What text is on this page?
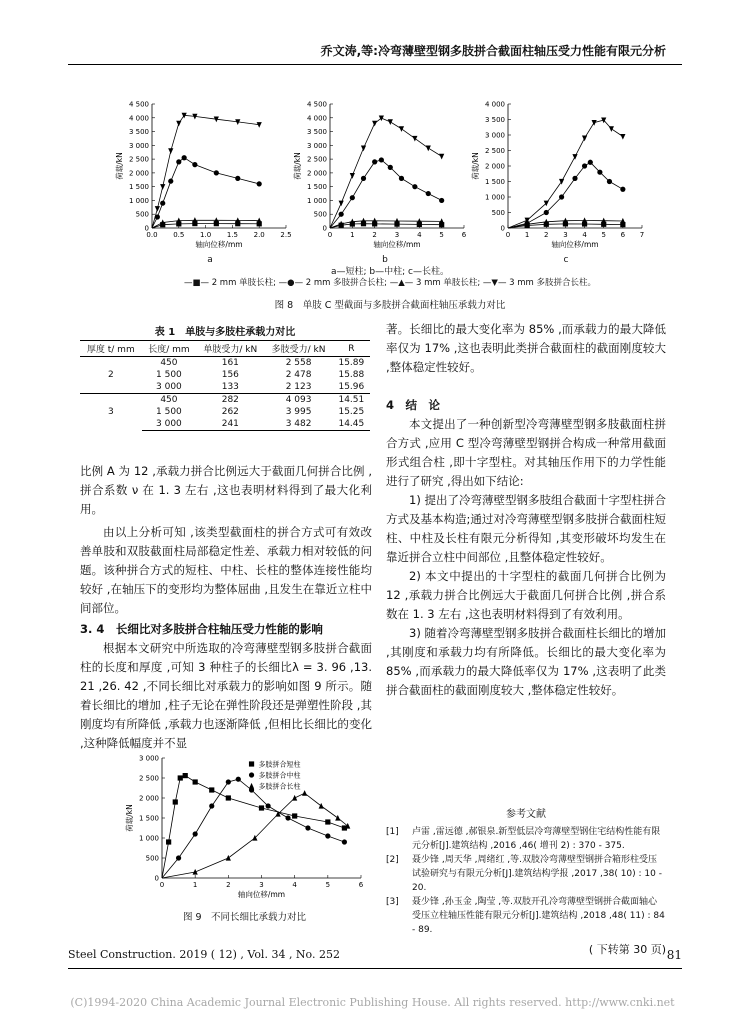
乔文涛,等:冷弯薄壁型钢多肢拼合截面柱轴压受力性能有限元分析
0
500
1 000
1 500
2 000
2 500
3 000
3 500
4 000
4 500
0.0 0.5 1.0 1.5 2.0 2.5
轴向位移/mm
荷载/kN
0
500
1 000
1 500
2 000
2 500
3 000
3 500
4 000
4 500
0	1	2	3	4	5	6
轴向位移/mm
荷载/kN
0
500
1 000
1 500
2 000
2 500
3 000
3 500
4 000
0 1 2 3 4 5 6 7
轴向位移/mm
荷载/kN
a	b	c
a—短柱; b—中柱; c—长柱。
—■— 2 mm 单肢长柱; —●— 2 mm 多肢拼合长柱; —▲— 3 mm 单肢长柱; —▼— 3 mm 多肢拼合长柱。
图 8　单肢 C 型截面与多肢拼合截面柱轴压承载力对比
表 1　单肢与多肢柱承载力对比
厚度 t/ mm	长度/ mm	单肢受力/ kN	多肢受力/ kN	R
2	450	161	2 558	15.89
	1 500	156	2 478	15.88
	3 000	133	2 123	15.96
3	450	282	4 093	14.51
	1 500	262	3 995	15.25
	3 000	241	3 482	14.45

比例 A 为 12 ,承载力拼合比例远大于截面几何拼合比例 ,拼合系数 ν 在 1. 3 左右 ,这也表明材料得到了最大化利用。

由以上分析可知 ,该类型截面柱的拼合方式可有效改善单肢和双肢截面柱局部稳定性差、承载力相对较低的问题。该种拼合方式的短柱、中柱、长柱的整体连接性能均较好 ,在轴压下的变形均为整体屈曲 ,且发生在靠近立柱中间部位。

3. 4　长细比对多肢拼合柱轴压受力性能的影响

根据本文研究中所选取的冷弯薄壁型钢多肢拼合截面柱的长度和厚度 ,可知 3 种柱子的长细比λ = 3. 96 ,13. 21 ,26. 42 ,不同长细比对承载力的影响如图 9 所示。随着长细比的增加 ,柱子无论在弹性阶段还是弹塑性阶段 ,其刚度均有所降低 ,承载力也逐渐降低 ,但相比长细比的变化 ,这种降低幅度并不显

0
500
1 000
1 500
2 000
2 500
3 000
0	1	2	3	4	5	6
轴向位移/mm
荷载/kN
多肢拼合短柱
多肢拼合中柱
多肢拼合长柱
图 9　不同长细比承载力对比

著。长细比的最大变化率为 85% ,而承载力的最大降低率仅为 17% ,这也表明此类拼合截面柱的截面刚度较大 ,整体稳定性较好。

4　结　论

本文提出了一种创新型冷弯薄壁型钢多肢截面柱拼合方式 ,应用 C 型冷弯薄壁型钢拼合构成一种常用截面形式组合柱 ,即十字型柱。对其轴压作用下的力学性能进行了研究 ,得出如下结论:

1) 提出了冷弯薄壁型钢多肢组合截面十字型柱拼合方式及基本构造;通过对冷弯薄壁型钢多肢拼合截面柱短柱、中柱及长柱有限元分析得知 ,其变形破坏均发生在靠近拼合立柱中间部位 ,且整体稳定性较好。

2) 本文中提出的十字型柱的截面几何拼合比例为 12 ,承载力拼合比例远大于截面几何拼合比例 ,拼合系数在 1. 3 左右 ,这也表明材料得到了有效利用。

3) 随着冷弯薄壁型钢多肢拼合截面柱长细比的增加 ,其刚度和承载力均有所降低。长细比的最大变化率为 85% ,而承载力的最大降低率仅为 17% ,这表明了此类拼合截面柱的截面刚度较大 ,整体稳定性较好。

参考文献
[1]	卢雷 ,雷远德 ,郝银泉.新型低层冷弯薄壁型钢住宅结构性能有限元分析[J].建筑结构 ,2016 ,46( 增刊 2) : 370 - 375.
[2]	聂少锋 ,周天华 ,周绪红 ,等.双肢冷弯薄壁型钢拼合箱形柱受压试验研究与有限元分析[J].建筑结构学报 ,2017 ,38( 10) : 10 - 20.
[3]	聂少锋 ,孙玉金 ,陶莹 ,等.双肢开孔冷弯薄壁型钢拼合截面轴心受压立柱轴压性能有限元分析[J].建筑结构 ,2018 ,48( 11) : 84 - 89.
( 下转第 30 页)
Steel Construction. 2019 ( 12) , Vol. 34 , No. 252	81
(C)1994-2020 China Academic Journal Electronic Publishing House. All rights reserved. http://www.cnki.net
